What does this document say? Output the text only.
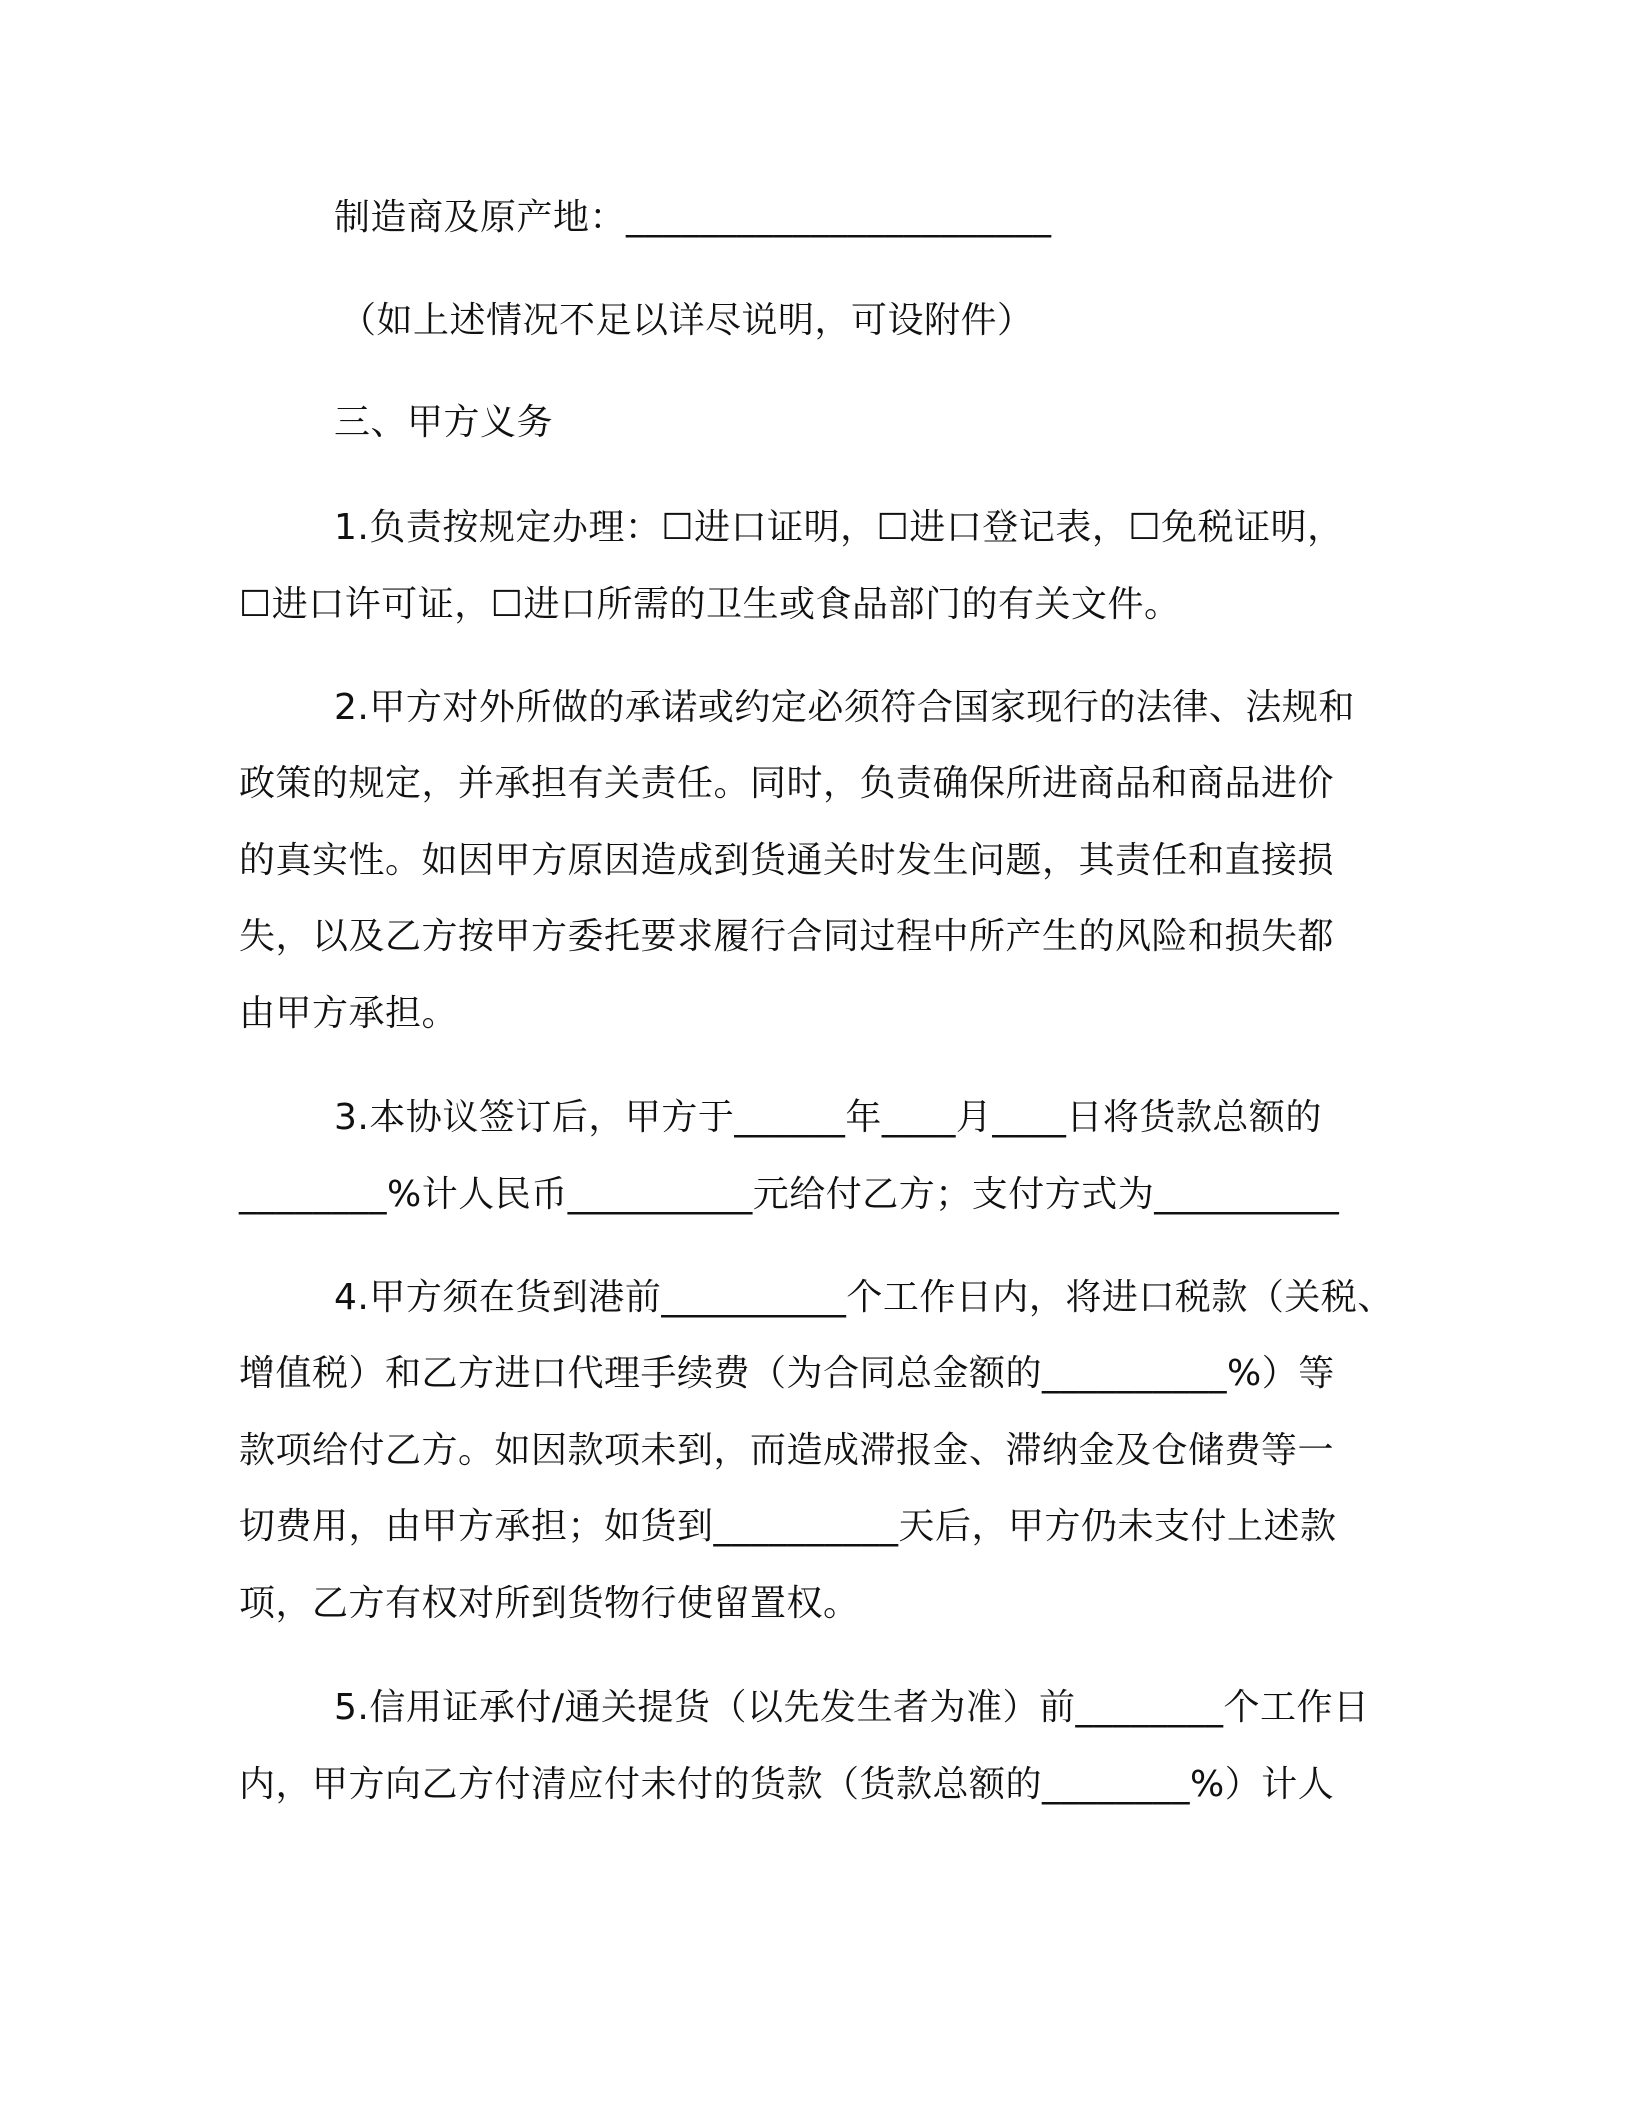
制造商及原产地：_______________________
（如上述情况不足以详尽说明，可设附件）
三、甲方义务
1.负责按规定办理：☐进口证明，☐进口登记表，☐免税证明，
☐进口许可证，☐进口所需的卫生或食品部门的有关文件。
2.甲方对外所做的承诺或约定必须符合国家现行的法律、法规和
政策的规定，并承担有关责任。同时，负责确保所进商品和商品进价
的真实性。如因甲方原因造成到货通关时发生问题，其责任和直接损
失，以及乙方按甲方委托要求履行合同过程中所产生的风险和损失都
由甲方承担。
3.本协议签订后，甲方于______年____月____日将货款总额的
________%计人民币__________元给付乙方；支付方式为__________
4.甲方须在货到港前__________个工作日内，将进口税款（关税、
增值税）和乙方进口代理手续费（为合同总金额的__________%）等
款项给付乙方。如因款项未到，而造成滞报金、滞纳金及仓储费等一
切费用，由甲方承担；如货到__________天后，甲方仍未支付上述款
项，乙方有权对所到货物行使留置权。
5.信用证承付/通关提货（以先发生者为准）前________个工作日
内，甲方向乙方付清应付未付的货款（货款总额的________%）计人
